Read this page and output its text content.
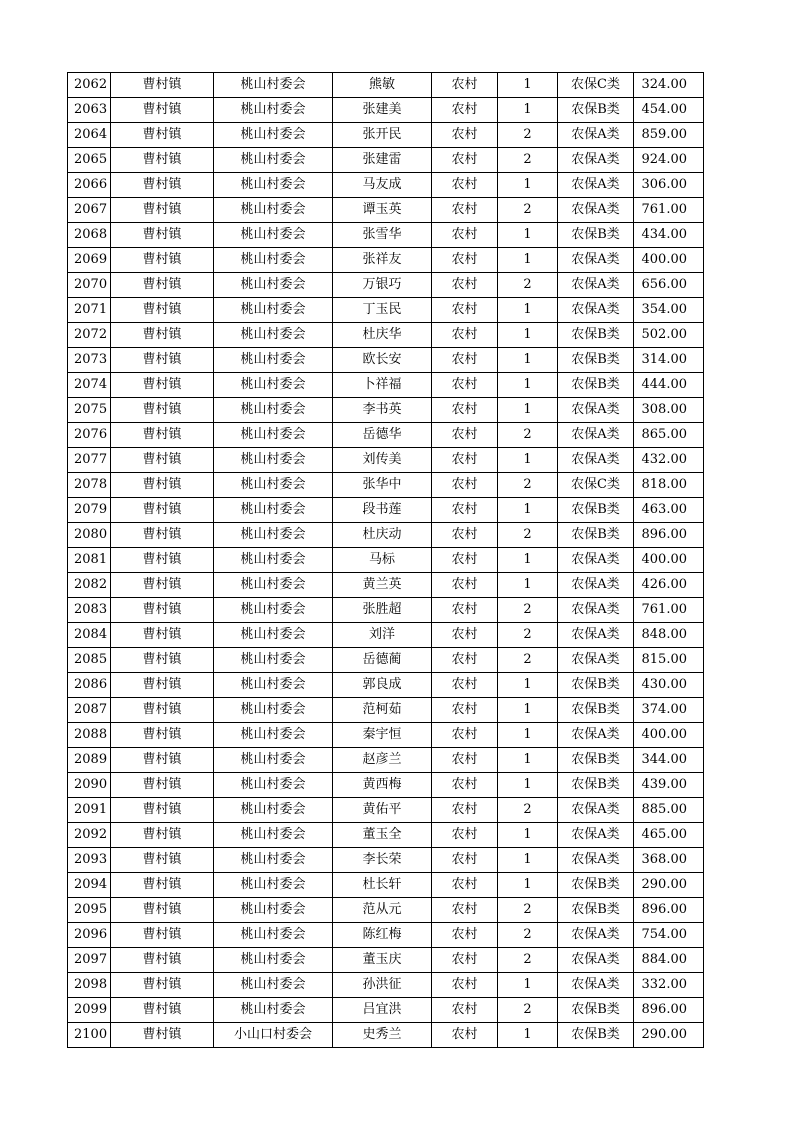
2062	曹村镇	桃山村委会	熊敏	农村	1	农保C类	324.00
2063	曹村镇	桃山村委会	张建美	农村	1	农保B类	454.00
2064	曹村镇	桃山村委会	张开民	农村	2	农保A类	859.00
2065	曹村镇	桃山村委会	张建雷	农村	2	农保A类	924.00
2066	曹村镇	桃山村委会	马友成	农村	1	农保A类	306.00
2067	曹村镇	桃山村委会	谭玉英	农村	2	农保A类	761.00
2068	曹村镇	桃山村委会	张雪华	农村	1	农保B类	434.00
2069	曹村镇	桃山村委会	张祥友	农村	1	农保A类	400.00
2070	曹村镇	桃山村委会	万银巧	农村	2	农保A类	656.00
2071	曹村镇	桃山村委会	丁玉民	农村	1	农保A类	354.00
2072	曹村镇	桃山村委会	杜庆华	农村	1	农保B类	502.00
2073	曹村镇	桃山村委会	欧长安	农村	1	农保B类	314.00
2074	曹村镇	桃山村委会	卜祥福	农村	1	农保B类	444.00
2075	曹村镇	桃山村委会	李书英	农村	1	农保A类	308.00
2076	曹村镇	桃山村委会	岳德华	农村	2	农保A类	865.00
2077	曹村镇	桃山村委会	刘传美	农村	1	农保A类	432.00
2078	曹村镇	桃山村委会	张华中	农村	2	农保C类	818.00
2079	曹村镇	桃山村委会	段书莲	农村	1	农保B类	463.00
2080	曹村镇	桃山村委会	杜庆动	农村	2	农保B类	896.00
2081	曹村镇	桃山村委会	马标	农村	1	农保A类	400.00
2082	曹村镇	桃山村委会	黄兰英	农村	1	农保A类	426.00
2083	曹村镇	桃山村委会	张胜超	农村	2	农保A类	761.00
2084	曹村镇	桃山村委会	刘洋	农村	2	农保A类	848.00
2085	曹村镇	桃山村委会	岳德蔺	农村	2	农保A类	815.00
2086	曹村镇	桃山村委会	郭良成	农村	1	农保B类	430.00
2087	曹村镇	桃山村委会	范柯茹	农村	1	农保B类	374.00
2088	曹村镇	桃山村委会	秦宇恒	农村	1	农保A类	400.00
2089	曹村镇	桃山村委会	赵彦兰	农村	1	农保B类	344.00
2090	曹村镇	桃山村委会	黄西梅	农村	1	农保B类	439.00
2091	曹村镇	桃山村委会	黄佑平	农村	2	农保A类	885.00
2092	曹村镇	桃山村委会	董玉全	农村	1	农保A类	465.00
2093	曹村镇	桃山村委会	李长荣	农村	1	农保A类	368.00
2094	曹村镇	桃山村委会	杜长轩	农村	1	农保B类	290.00
2095	曹村镇	桃山村委会	范从元	农村	2	农保B类	896.00
2096	曹村镇	桃山村委会	陈红梅	农村	2	农保A类	754.00
2097	曹村镇	桃山村委会	董玉庆	农村	2	农保A类	884.00
2098	曹村镇	桃山村委会	孙洪征	农村	1	农保A类	332.00
2099	曹村镇	桃山村委会	吕宜洪	农村	2	农保B类	896.00
2100	曹村镇	小山口村委会	史秀兰	农村	1	农保B类	290.00
